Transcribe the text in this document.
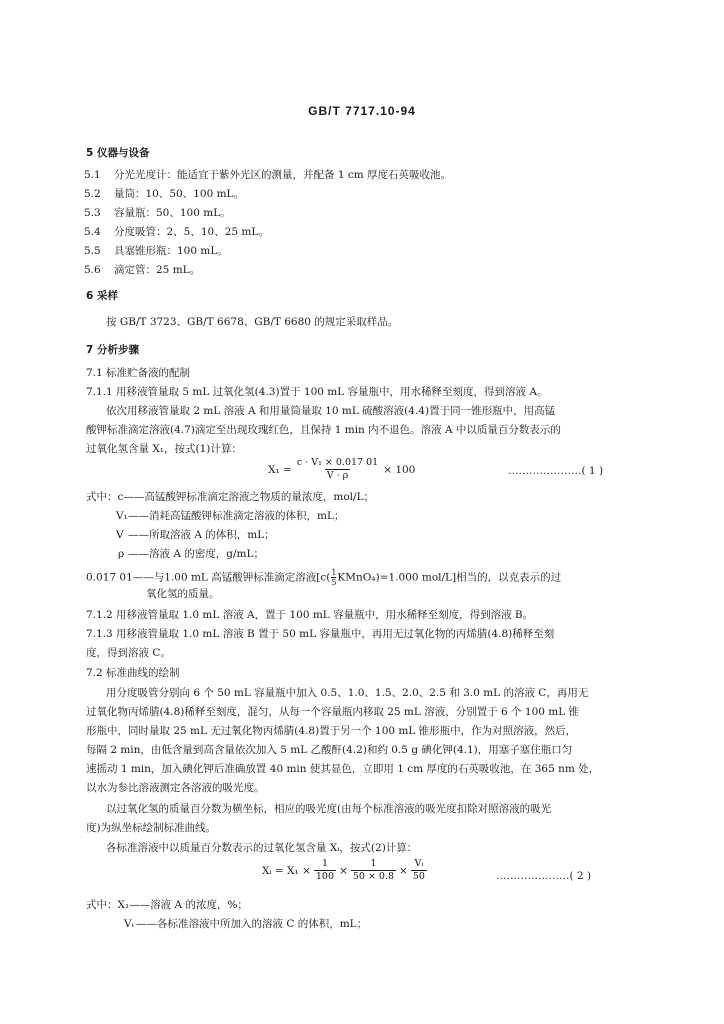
GB/T 7717.10-94
5 仪器与设备
5.1 分光光度计：能适宜于紫外光区的测量，并配备 1 cm 厚度石英吸收池。
5.2 量筒：10、50、100 mL。
5.3 容量瓶：50、100 mL。
5.4 分度吸管：2、5、10、25 mL。
5.5 具塞锥形瓶：100 mL。
5.6 滴定管：25 mL。
6 采样
按 GB/T 3723、GB/T 6678、GB/T 6680 的规定采取样品。
7 分析步骤
7.1 标准贮备液的配制
7.1.1 用移液管量取 5 mL 过氧化氢(4.3)置于 100 mL 容量瓶中，用水稀释至刻度，得到溶液 A。
依次用移液管量取 2 mL 溶液 A 和用量筒量取 10 mL 硫酸溶液(4.4)置于同一锥形瓶中，用高锰
酸钾标准滴定溶液(4.7)滴定至出现玫瑰红色，且保持 1 min 内不退色。溶液 A 中以质量百分数表示的
过氧化氢含量 X₁，按式(1)计算：
$X_1 = \frac{\text{c · V₁ × 0.017 01}}{V \cdot \rho} \times 100$	…………………( 1 )
式中：c——高锰酸钾标准滴定溶液之物质的量浓度，mol/L；
V₁——消耗高锰酸钾标准滴定溶液的体积，mL；
V ——所取溶液 A 的体积，mL；
ρ ——溶液 A 的密度，g/mL；
0.017 01——与1.00 mL 高锰酸钾标准滴定溶液[$c( \frac{1}{5}$ KMnO₄)=1.000 mol/L]相当的，以克表示的过
氧化氢的质量。
7.1.2 用移液管量取 1.0 mL 溶液 A，置于 100 mL 容量瓶中，用水稀释至刻度，得到溶液 B。
7.1.3 用移液管量取 1.0 mL 溶液 B 置于 50 mL 容量瓶中，再用无过氧化物的丙烯腈(4.8)稀释至刻
度，得到溶液 C。
7.2 标准曲线的绘制
用分度吸管分别向 6 个 50 mL 容量瓶中加入 0.5、1.0、1.5、2.0、2.5 和 3.0 mL 的溶液 C，再用无
过氧化物丙烯腈(4.8)稀释至刻度，混匀，从每一个容量瓶内移取 25 mL 溶液，分别置于 6 个 100 mL 锥
形瓶中，同时量取 25 mL 无过氧化物丙烯腈(4.8)置于另一个 100 mL 锥形瓶中，作为对照溶液，然后，
每隔 2 min，由低含量到高含量依次加入 5 mL 乙酸酐(4.2)和约 0.5 g 碘化钾(4.1)，用塞子塞住瓶口匀
速摇动 1 min，加入碘化钾后准确放置 40 min 使其显色，立即用 1 cm 厚度的石英吸收池，在 365 nm 处，
以水为参比溶液测定各溶液的吸光度。
以过氧化氢的质量百分数为横坐标，相应的吸光度(由每个标准溶液的吸光度扣除对照溶液的吸光
度)为纵坐标绘制标准曲线。
各标准溶液中以质量百分数表示的过氧化氢含量 Xᵢ，按式(2)计算：
Xᵢ = $X_1 \times \frac{1}{100} \times \frac{1}{50 \times 0.8} \times \frac{\text{Vᵢ}}{50}$	…………………( 2 )
式中：X₁——溶液 A 的浓度，%；
Vᵢ ——各标准溶液中所加入的溶液 C 的体积，mL；
